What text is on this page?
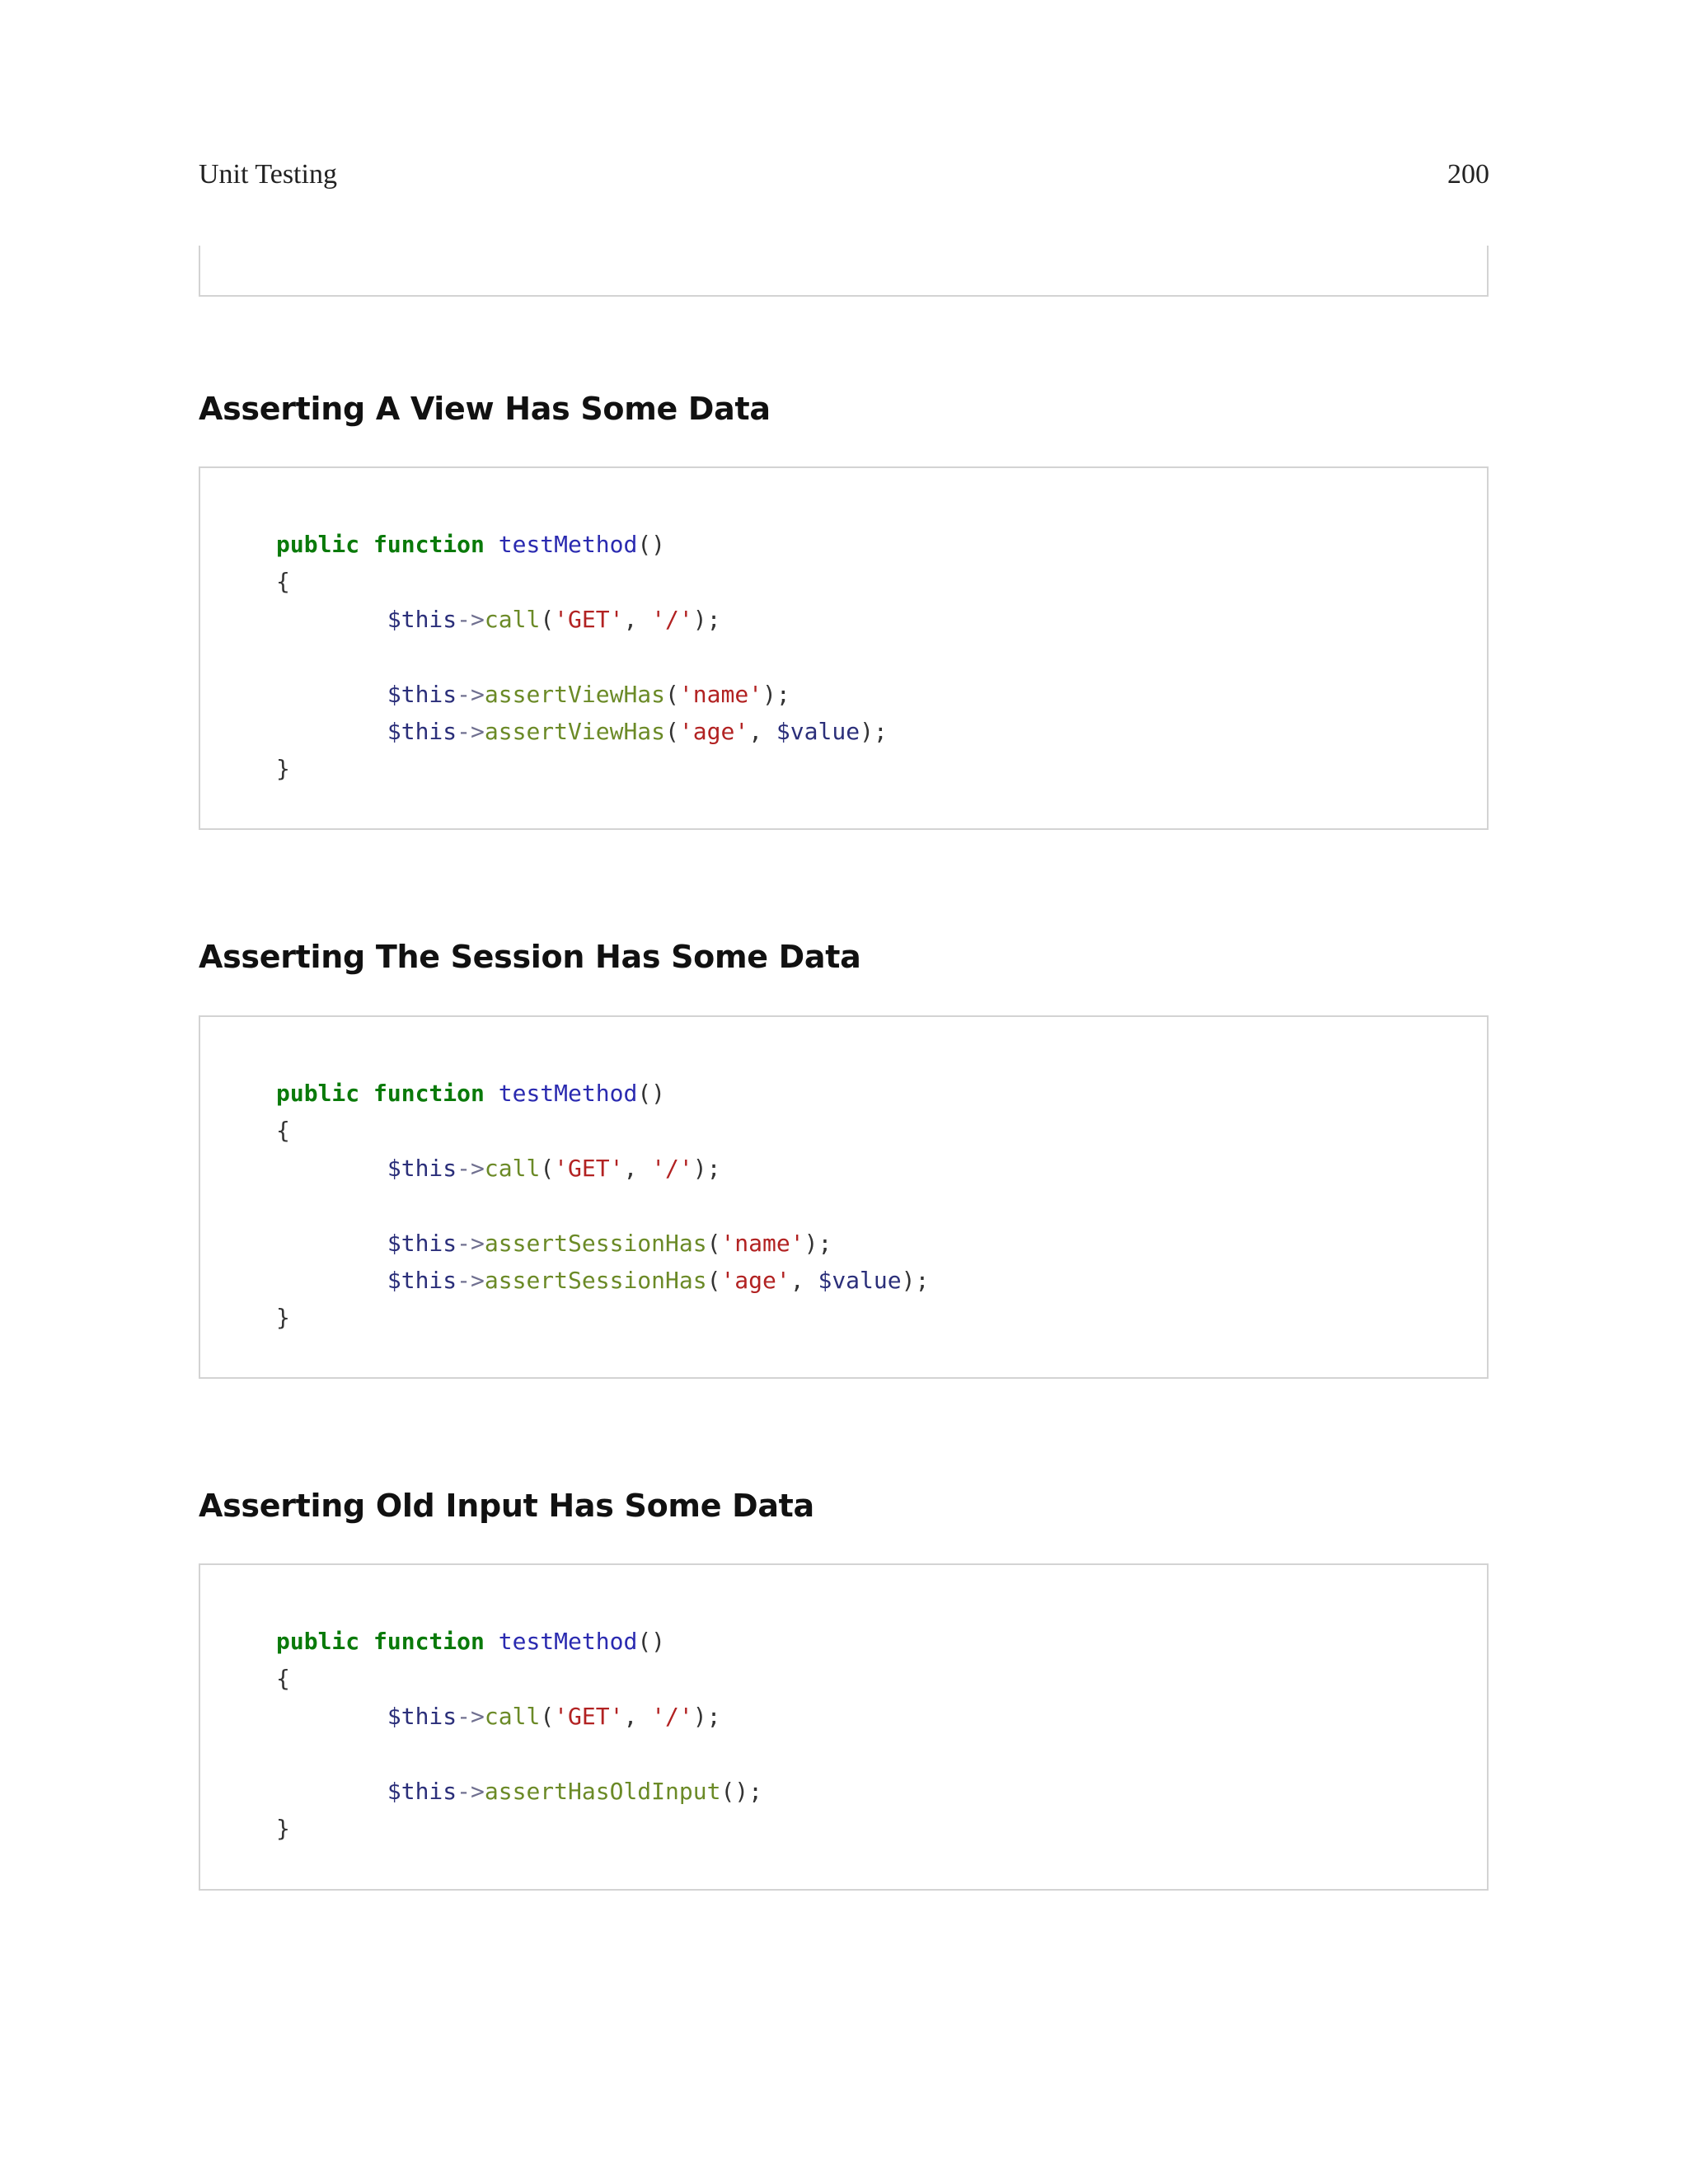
Unit Testing	200
Asserting A View Has Some Data
public function testMethod()
{
$this->call('GET', '/');

$this->assertViewHas('name');
$this->assertViewHas('age', $value);
}
Asserting The Session Has Some Data
public function testMethod()
{
$this->call('GET', '/');

$this->assertSessionHas('name');
$this->assertSessionHas('age', $value);
}
Asserting Old Input Has Some Data
public function testMethod()
{
$this->call('GET', '/');

$this->assertHasOldInput();
}
